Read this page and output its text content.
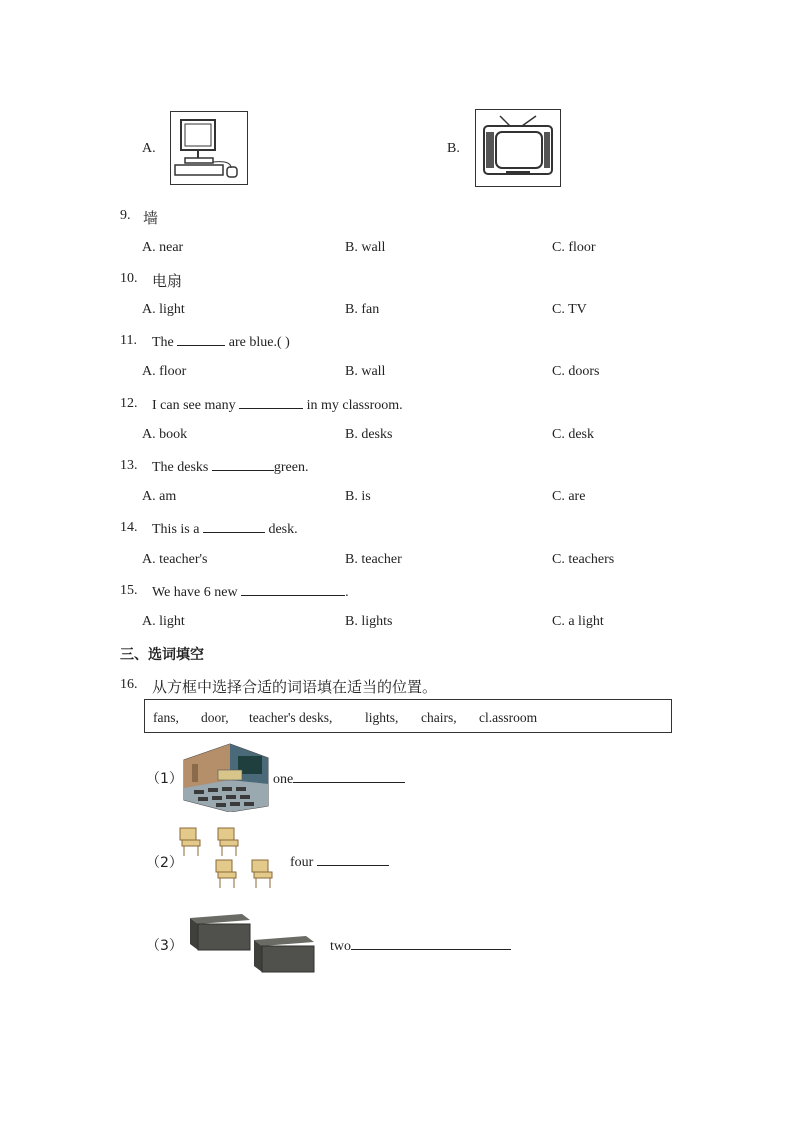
A.	B.
9. 墙
A. near	B. wall	C. floor
10. 电扇
A. light	B. fan	C. TV
11. The	are blue.( )
A. floor	B. wall	C. doors
12. I can see many	in my classroom.
A. book	B. desks	C. desk
13. The desks	green.
A. am	B. is	C. are
14. This is a	desk.
A. teacher's	B. teacher	C. teachers
15. We have 6 new	.
A. light	B. lights	C. a light
三、选词填空
16. 从方框中选择合适的词语填在适当的位置。
fans, door, teacher's desks, lights, chairs, cl.assroom
（1）	one
（2）	four
（3）	two
